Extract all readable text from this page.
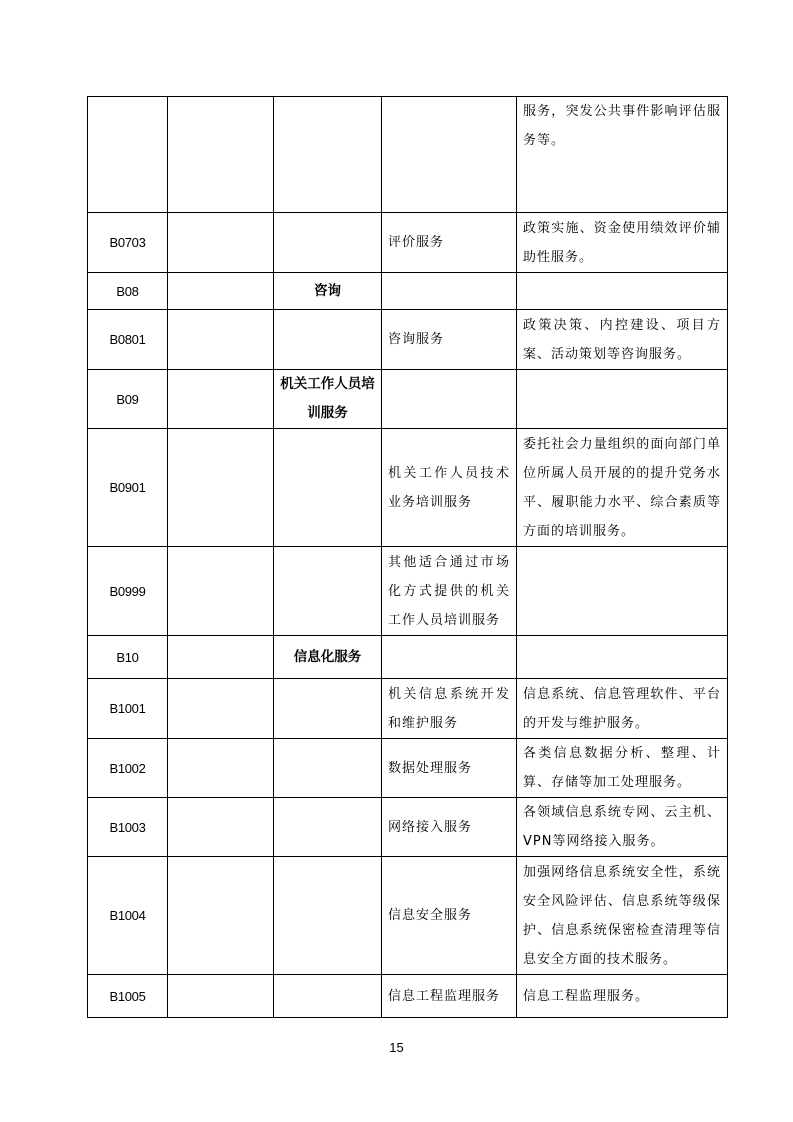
				服务，突发公共事件影响评估服务等。
B0703			评价服务	政策实施、资金使用绩效评价辅助性服务。
B08		咨询		
B0801			咨询服务	政策决策、内控建设、项目方案、活动策划等咨询服务。
B09		机关工作人员培训服务		
B0901			机关工作人员技术业务培训服务	委托社会力量组织的面向部门单位所属人员开展的的提升党务水平、履职能力水平、综合素质等方面的培训服务。
B0999			其他适合通过市场化方式提供的机关工作人员培训服务	
B10		信息化服务		
B1001			机关信息系统开发和维护服务	信息系统、信息管理软件、平台的开发与维护服务。
B1002			数据处理服务	各类信息数据分析、整理、计算、存储等加工处理服务。
B1003			网络接入服务	各领域信息系统专网、云主机、VPN等网络接入服务。
B1004			信息安全服务	加强网络信息系统安全性，系统安全风险评估、信息系统等级保护、信息系统保密检查清理等信息安全方面的技术服务。
B1005			信息工程监理服务	信息工程监理服务。
15
